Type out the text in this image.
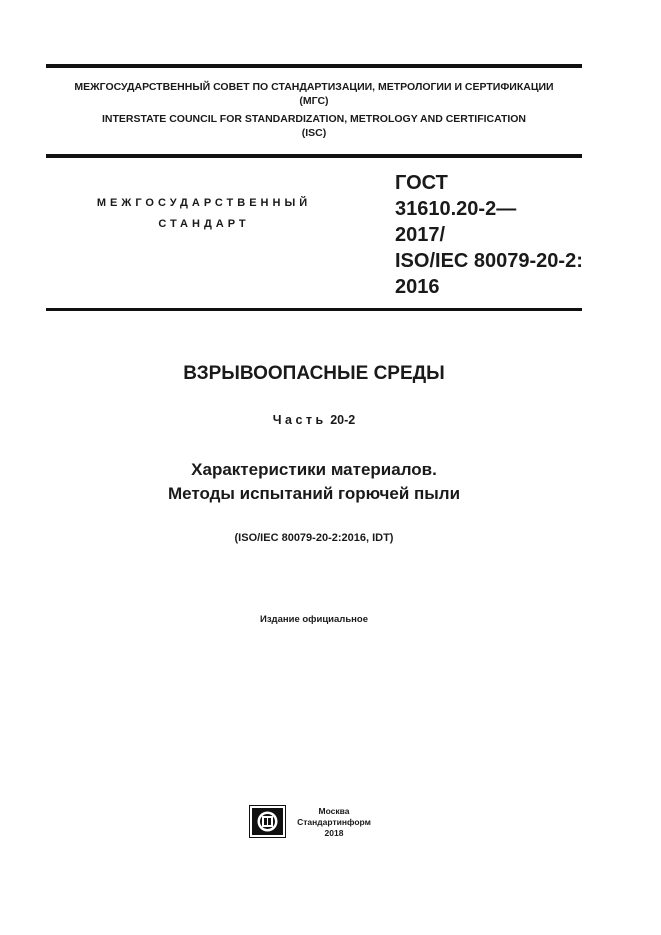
МЕЖГОСУДАРСТВЕННЫЙ СОВЕТ ПО СТАНДАРТИЗАЦИИ, МЕТРОЛОГИИ И СЕРТИФИКАЦИИ
(МГС)
INTERSTATE COUNCIL FOR STANDARDIZATION, METROLOGY AND CERTIFICATION
(ISC)
МЕЖГОСУДАРСТВЕННЫЙ
СТАНДАРТ
ГОСТ
31610.20-2—
2017/
ISO/IEC 80079-20-2:
2016
ВЗРЫВООПАСНЫЕ СРЕДЫ
Часть 20-2
Характеристики материалов.
Методы испытаний горючей пыли
(ISO/IEC 80079-20-2:2016, IDT)
Издание официальное
Москва
Стандартинформ
2018
